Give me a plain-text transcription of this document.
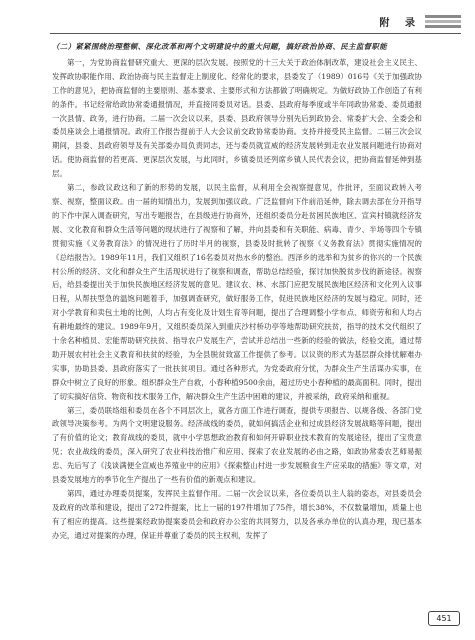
附 录

（二）紧紧围绕治理整顿、深化改革和两个文明建设中的重大问题，搞好政治协商、民主监督职能

第一，为党协商监督研究重大、更深的层次发展。按照党的十三大关于政治体制改革，建设社会主义民主、发挥政协职能作用、政治协商与民主监督走上制度化、经常化的要求，县委发了（1989）016号《关于加强政协工作的意见》，把协商监督的主要原则、基本要求、主要形式和方法都做了明确规定。为做好政协工作创造了有利的条件。书记经常给政协常委通报情况，并直接同委员对话。县委、县政府每季度或半年同政协常委、委员通报一次县情、政务，进行协商。二届一次会议以来，县委、县政府领导分别先后到政协会、常委扩大会、全委会和委员座谈会上通报情况。政府工作报告提前于人大会议前交政协常委协商。支持并接受民主监督。二届三次会议期间，县委、县政府领导及有关部委办局负责同志，还与委员就宣威的经济发展转到走农业发展问题进行协商对话。使协商监督的若更高、更深层次发展，与此同时，乡镇委员还列席乡镇人民代表会议，把协商监督延伸到基层。

第二，参政议政这和了新的形势的发展，以民主监督，从利用全会视察提意见，作批评，至面议政转入考察、视察，整面议政。由一届的知情出力，发展到加强议政。广泛监督向下作前沿延伸，除去调去部在分开指导的下作中深入调查研究，写出专题报告，在县级进行协商外，还组织委员分赴贫困民族地区、宣宾村镇就经济发展、文化教育和群众生活等问题的现状进行了视察和了解，并向县委和有关职能、病毒、青少、半场等四个专镇贯彻实施《义务教育法》的情况进行了历时半月的视察，县委及时批转了视察《义务教育法》贯彻实施情况的《总结报告》。1989年11月，我们又组织了16名委员对热水乡的整治。西泽乡的选举和为贫乡的你兴的一个民族村公所的经济、文化和群众生产生活现状进行了视察和调查，帮助总结经验，探讨加快脱贫步伐的新途径。视察后，给县委提出关于加快民族地区经济发展的意见。建议农、林、水部门应把发展民族地区经济和文化列入议事日程，从帮扶型急的温饱问题着手，加强调查研究，做好服务工作，促进民族地区经济的发展与稳定。同时，还对小学教育和卖包土地的比例，人均占有变化及计划生育等问题，提出了合理调整小学布点、师资劳和和人均占有耕地最终的建议。1989年9月，又组织委员深入到重庆沙村桥功亭等地帮助研究扶贫，指导的技术交代组织了十余名种植员、宏能帮助研究扶贫、指导农户发展生产，尝试并总结出一些新的经验的做法，经验交流，通过帮助开展农村社会主义教育和扶贫的经验，为全县脱贫致富工作提供了参考。以议资的形式为基层群众排忧解难办实事，协助县委、县政府落实了一批扶贫项目。通过各种形式，为党委政府分忧，为群众生产生活谋办实事，在群众中树立了良好的形象。组织群众生产自救，小春种植9500余亩，超过历史小春种植的最高面积。同时，提出了切实搞好信贷、物资和技术服务工作，解决群众生产生活中困难的建议，并被采纳，政府采纳和重视。

第三，委员联络组和委员在各个不同层次上，就各方面工作进行调查，提供专项报告、以规各级、各部门党政领导决策参考。为两个文明建设服务。经济战线的委员，就如何搞活企业和过成县经济发展战略等问题，提出了有价值的论文；教育战线的委员，就中小学思想政治教育和如何开辟职业技术教育的发展途径，提出了宝贵意见；农业战线的委员，深入研究了农业科技治推广和应用、探索了农业发展的必由之路，如政协常委农艺师易振忠、先后写了《浅谈满便全宣威也养殖业中的应用》《探索整山村进一步发展粮食生产应采取的措施》等文章，对县委发展地方的季节化生产提出了一些有价值的新观点和建议。

第四，通过办理委员提案，发挥民主监督作用。二届一次会议以来，各位委员以主人翁的姿态，对县委员会及政府的改革和建设，提出了272件提案，比上一届的197件增加了75件，增长38%，不仅数量增加，质量上也有了相应的提高。这些提案经政协提案委员会和政府办公室的共同努力，以及各承办单位的认真办理，现已基本办完，通过对提案的办理，保证并尊重了委员的民主权利，发挥了

451
